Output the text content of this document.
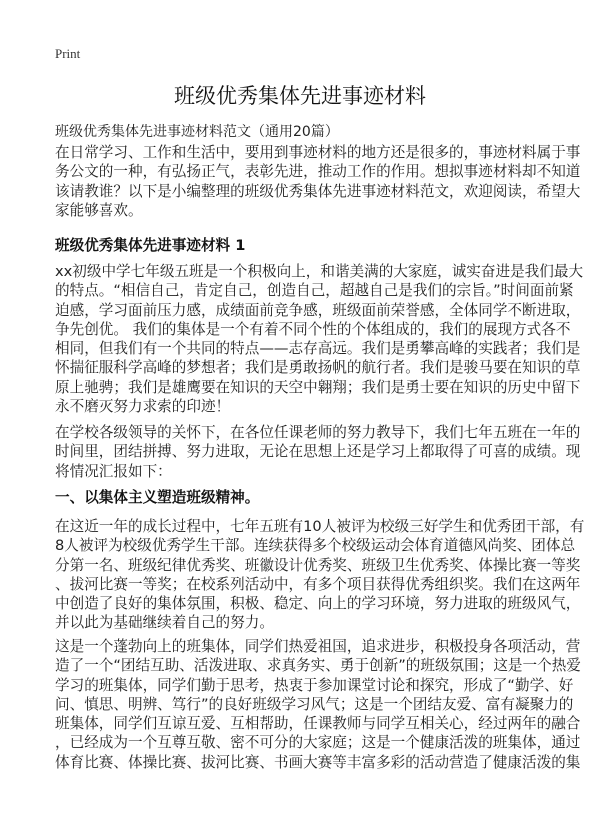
Print
班级优秀集体先进事迹材料
班级优秀集体先进事迹材料范文（通用20篇）
在日常学习、工作和生活中，要用到事迹材料的地方还是很多的，事迹材料属于事
务公文的一种，有弘扬正气，表彰先进，推动工作的作用。想拟事迹材料却不知道
该请教谁？以下是小编整理的班级优秀集体先进事迹材料范文，欢迎阅读，希望大
家能够喜欢。
班级优秀集体先进事迹材料 1
xx初级中学七年级五班是一个积极向上，和谐美满的大家庭，诚实奋进是我们最大
的特点。“相信自己，肯定自己，创造自己，超越自己是我们的宗旨。”时间面前紧
迫感，学习面前压力感，成绩面前竞争感，班级面前荣誉感，全体同学不断进取，
争先创优。 我们的集体是一个有着不同个性的个体组成的，我们的展现方式各不
相同，但我们有一个共同的特点——志存高远。我们是勇攀高峰的实践者；我们是
怀揣征服科学高峰的梦想者；我们是勇敢扬帆的航行者。我们是骏马要在知识的草
原上驰骋；我们是雄鹰要在知识的天空中翱翔；我们是勇士要在知识的历史中留下
永不磨灭努力求索的印迹！
在学校各级领导的关怀下，在各位任课老师的努力教导下，我们七年五班在一年的
时间里，团结拼搏、努力进取，无论在思想上还是学习上都取得了可喜的成绩。现
将情况汇报如下：
一、以集体主义塑造班级精神。
在这近一年的成长过程中，七年五班有10人被评为校级三好学生和优秀团干部，有
8人被评为校级优秀学生干部。连续获得多个校级运动会体育道德风尚奖、团体总
分第一名、班级纪律优秀奖、班徽设计优秀奖、班级卫生优秀奖、体操比赛一等奖
、拔河比赛一等奖；在校系列活动中，有多个项目获得优秀组织奖。我们在这两年
中创造了良好的集体氛围，积极、稳定、向上的学习环境，努力进取的班级风气，
并以此为基础继续着自己的努力。
这是一个蓬勃向上的班集体，同学们热爱祖国，追求进步，积极投身各项活动，营
造了一个“团结互助、活泼进取、求真务实、勇于创新”的班级氛围；这是一个热爱
学习的班集体，同学们勤于思考，热衷于参加课堂讨论和探究，形成了“勤学、好
问、慎思、明辨、笃行”的良好班级学习风气；这是一个团结友爱、富有凝聚力的
班集体，同学们互谅互爱、互相帮助，任课教师与同学互相关心，经过两年的融合
，已经成为一个互尊互敬、密不可分的大家庭；这是一个健康活泼的班集体，通过
体育比赛、体操比赛、拔河比赛、书画大赛等丰富多彩的活动营造了健康活泼的集
